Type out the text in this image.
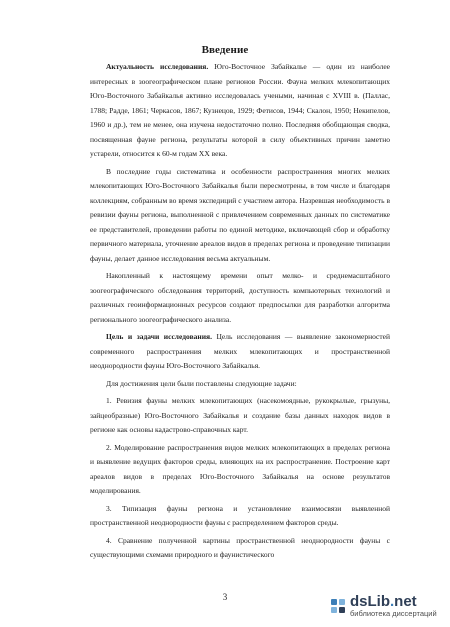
Введение

Актуальность исследования. Юго-Восточное Забайкалье — один из наиболее интересных в зоогеографическом плане регионов России. Фауна мелких млекопитающих Юго-Восточного Забайкалья активно исследовалась учеными, начиная с XVIII в. (Паллас, 1788; Радде, 1861; Черкасов, 1867; Кузнецов, 1929; Фетисов, 1944; Скалон, 1950; Некипелов, 1960 и др.), тем не менее, она изучена недостаточно полно. Последняя обобщающая сводка, посвященная фауне региона, результаты которой в силу объективных причин заметно устарели, относится к 60-м годам XX века.

В последние годы систематика и особенности распространения многих мелких млекопитающих Юго-Восточного Забайкалья были пересмотрены, в том числе и благодаря коллекциям, собранным во время экспедиций с участием автора. Назревшая необходимость в ревизии фауны региона, выполненной с привлечением современных данных по систематике ее представителей, проведении работы по единой методике, включающей сбор и обработку первичного материала, уточнение ареалов видов в пределах региона и проведение типизации фауны, делает данное исследования весьма актуальным.

Накопленный к настоящему времени опыт мелко- и среднемасштабного зоогеографического обследования территорий, доступность компьютерных технологий и различных геоинформационных ресурсов создают предпосылки для разработки алгоритма регионального зоогеографического анализа.

Цель и задачи исследования. Цель исследования — выявление закономерностей современного распространения мелких млекопитающих и пространственной неоднородности фауны Юго-Восточного Забайкалья.

Для достижения цели были поставлены следующие задачи:

1. Ревизия фауны мелких млекопитающих (насекомоядные, рукокрылые, грызуны, зайцеобразные) Юго-Восточного Забайкалья и создание базы данных находок видов в регионе как основы кадастрово-справочных карт.

2. Моделирование распространения видов мелких млекопитающих в пределах региона и выявление ведущих факторов среды, влияющих на их распространение. Построение карт ареалов видов в пределах Юго-Восточного Забайкалья на основе результатов моделирования.

3. Типизация фауны региона и установление взаимосвязи выявленной пространственной неоднородности фауны с распределением факторов среды.

4. Сравнение полученной картины пространственной неоднородности фауны с существующими схемами природного и фаунистического

3	dsLib.net
библиотека диссертаций
